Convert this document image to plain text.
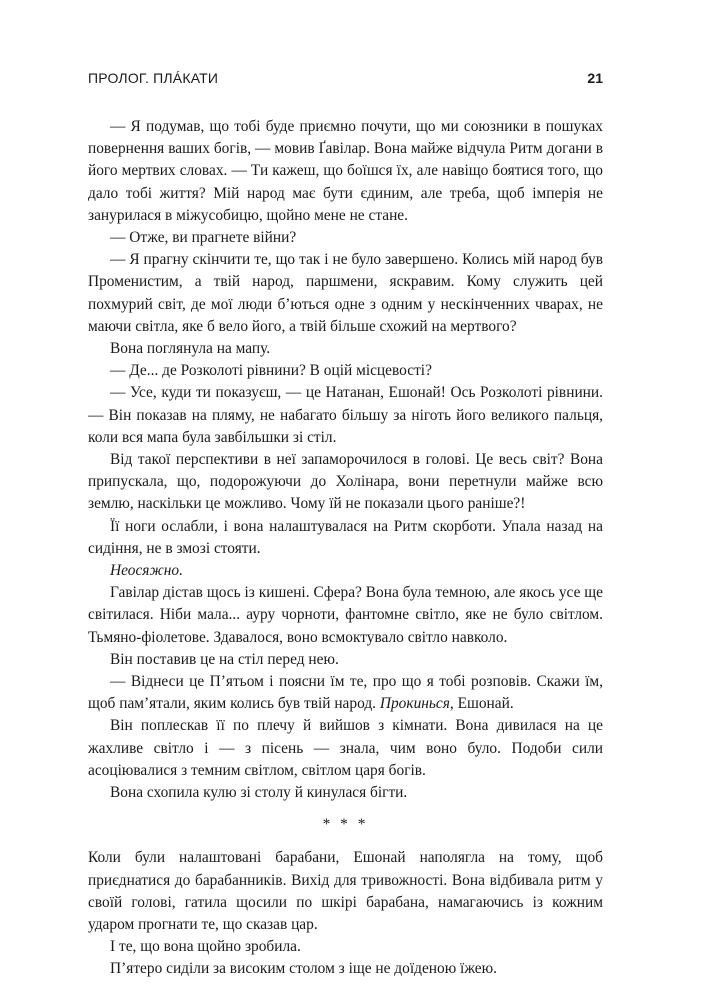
ПРОЛОГ. ПЛÁКАТИ	21

— Я подумав, що тобі буде приємно почути, що ми союзники в пошуках повернення ваших богів, — мовив Ґавілар. Вона майже відчула Ритм догани в його мертвих словах. — Ти кажеш, що боїшся їх, але навіщо боятися того, що дало тобі життя? Мій народ має бути єдиним, але треба, щоб імперія не занурилася в міжусобицю, щойно мене не стане.

— Отже, ви прагнете війни?

— Я прагну скінчити те, що так і не було завершено. Колись мій народ був Променистим, а твій народ, паршмени, яскравим. Кому служить цей похмурий світ, де мої люди б’ються одне з одним у нескінченних чварах, не маючи світла, яке б вело його, а твій більше схожий на мертвого?

Вона поглянула на мапу.

— Де... де Розколоті рівнини? В оцій місцевості?

— Усе, куди ти показуєш, — це Натанан, Ешонай! Ось Розколоті рівнини. — Він показав на пляму, не набагато більшу за ніготь його великого пальця, коли вся мапа була завбільшки зі стіл.

Від такої перспективи в неї запаморочилося в голові. Це весь світ? Вона припускала, що, подорожуючи до Холінара, вони перетнули майже всю землю, наскільки це можливо. Чому їй не показали цього раніше?!

Її ноги ослабли, і вона налаштувалася на Ритм скорботи. Упала назад на сидіння, не в змозі стояти.

Неосяжно.

Гавілар дістав щось із кишені. Сфера? Вона була темною, але якось усе ще світилася. Ніби мала... ауру чорноти, фантомне світло, яке не було світлом. Тьмяно-фіолетове. Здавалося, воно всмоктувало світло навколо.

Він поставив це на стіл перед нею.

— Віднеси це П’ятьом і поясни їм те, про що я тобі розповів. Скажи їм, щоб пам’ятали, яким колись був твій народ. Прокинься, Ешонай.

Він поплескав її по плечу й вийшов з кімнати. Вона дивилася на це жахливе світло і — з пісень — знала, чим воно було. Подоби сили асоціювалися з темним світлом, світлом царя богів.

Вона схопила кулю зі столу й кинулася бігти.

* * *

Коли були налаштовані барабани, Ешонай наполягла на тому, щоб приєднатися до барабанників. Вихід для тривожності. Вона відбивала ритм у своїй голові, гатила щосили по шкірі барабана, намагаючись із кожним ударом прогнати те, що сказав цар.

І те, що вона щойно зробила.

П’ятеро сиділи за високим столом з іще не доїденою їжею.
